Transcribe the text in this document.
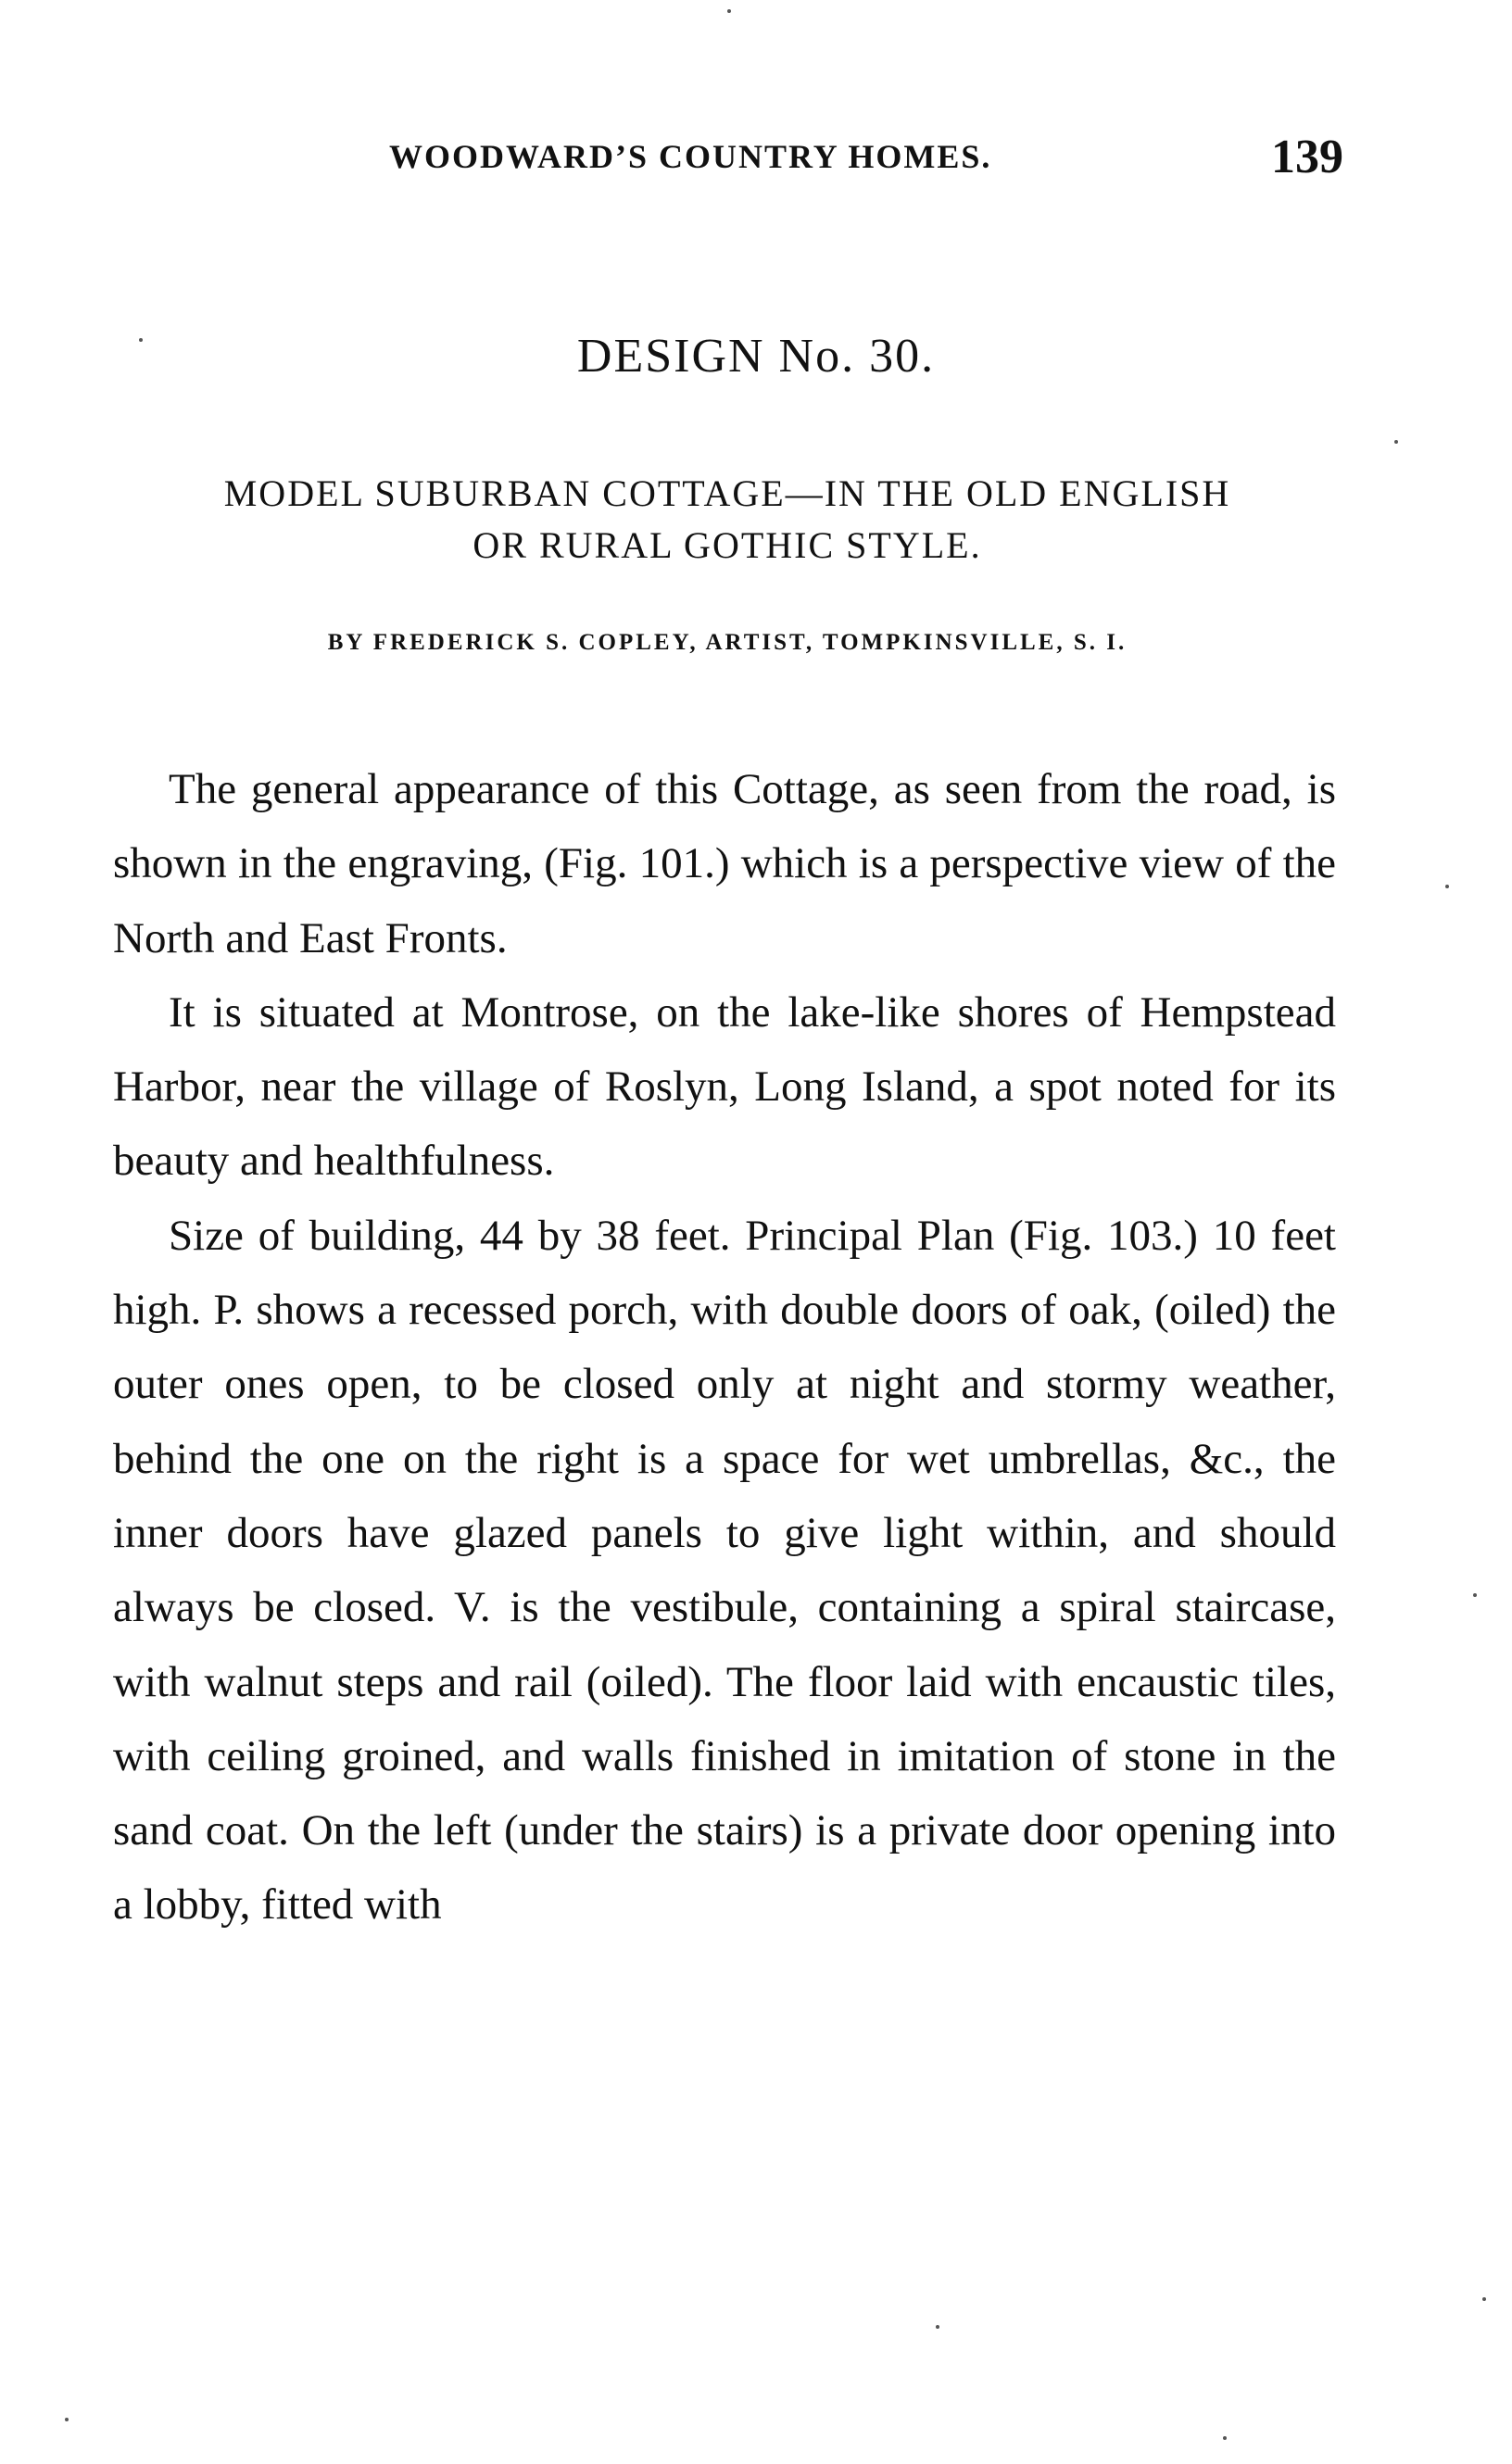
WOODWARD’S COUNTRY HOMES.	139
DESIGN No. 30.
MODEL SUBURBAN COTTAGE—IN THE OLD ENGLISH
OR RURAL GOTHIC STYLE.
BY FREDERICK S. COPLEY, ARTIST, TOMPKINSVILLE, S. I.

The general appearance of this Cottage, as seen from the road, is shown in the engraving, (Fig. 101.) which is a perspective view of the North and East Fronts.

It is situated at Montrose, on the lake-like shores of Hempstead Harbor, near the village of Roslyn, Long Island, a spot noted for its beauty and healthfulness.

Size of building, 44 by 38 feet. Principal Plan (Fig. 103.) 10 feet high. P. shows a recessed porch, with double doors of oak, (oiled) the outer ones open, to be closed only at night and stormy weather, behind the one on the right is a space for wet umbrellas, &c., the inner doors have glazed panels to give light within, and should always be closed. V. is the vestibule, containing a spiral staircase, with walnut steps and rail (oiled). The floor laid with encaustic tiles, with ceiling groined, and walls finished in imitation of stone in the sand coat. On the left (under the stairs) is a private door opening into a lobby, fitted with
